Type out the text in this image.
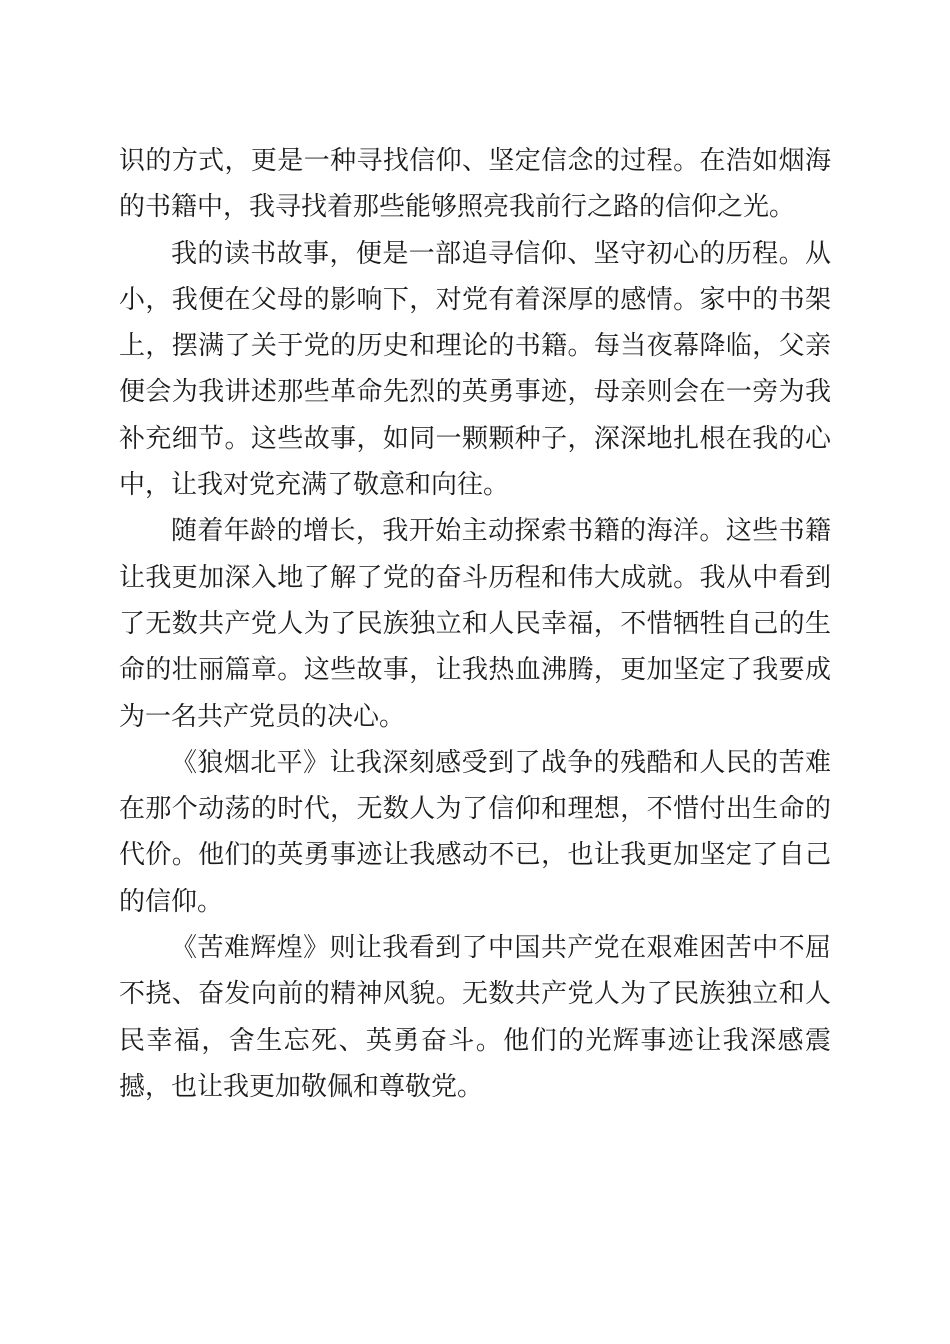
识的方式，更是一种寻找信仰、坚定信念的过程。在浩如烟海的书籍中，我寻找着那些能够照亮我前行之路的信仰之光。

我的读书故事，便是一部追寻信仰、坚守初心的历程。从小，我便在父母的影响下，对党有着深厚的感情。家中的书架上，摆满了关于党的历史和理论的书籍。每当夜幕降临，父亲便会为我讲述那些革命先烈的英勇事迹，母亲则会在一旁为我补充细节。这些故事，如同一颗颗种子，深深地扎根在我的心中，让我对党充满了敬意和向往。

随着年龄的增长，我开始主动探索书籍的海洋。这些书籍让我更加深入地了解了党的奋斗历程和伟大成就。我从中看到了无数共产党人为了民族独立和人民幸福，不惜牺牲自己的生命的壮丽篇章。这些故事，让我热血沸腾，更加坚定了我要成为一名共产党员的决心。

《狼烟北平》让我深刻感受到了战争的残酷和人民的苦难在那个动荡的时代，无数人为了信仰和理想，不惜付出生命的代价。他们的英勇事迹让我感动不已，也让我更加坚定了自己的信仰。

《苦难辉煌》则让我看到了中国共产党在艰难困苦中不屈不挠、奋发向前的精神风貌。无数共产党人为了民族独立和人民幸福，舍生忘死、英勇奋斗。他们的光辉事迹让我深感震撼，也让我更加敬佩和尊敬党。
